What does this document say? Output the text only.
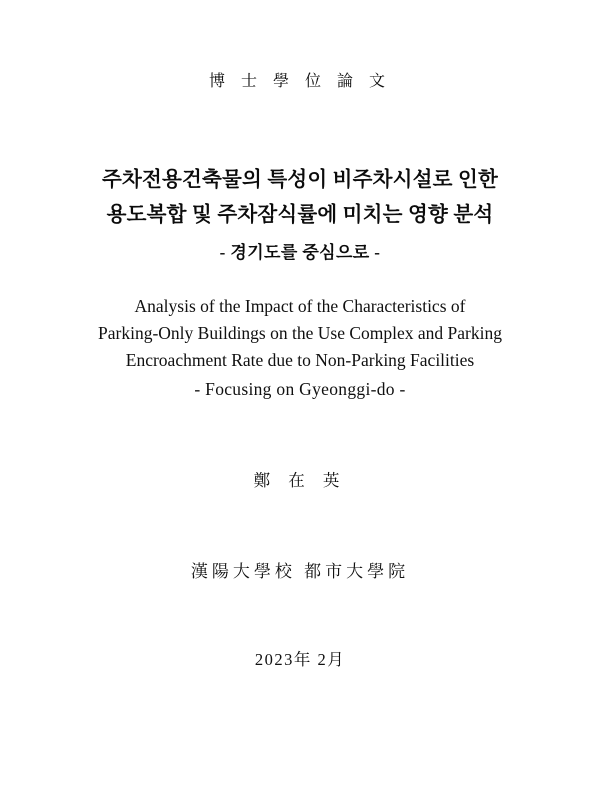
博 士 學 位 論 文
주차전용건축물의 특성이 비주차시설로 인한
용도복합 및 주차잠식률에 미치는 영향 분석
- 경기도를 중심으로 -
Analysis of the Impact of the Characteristics of
Parking-Only Buildings on the Use Complex and Parking
Encroachment Rate due to Non-Parking Facilities
- Focusing on Gyeonggi-do -
鄭 在 英
漢陽大學校 都市大學院
2023年 2月
